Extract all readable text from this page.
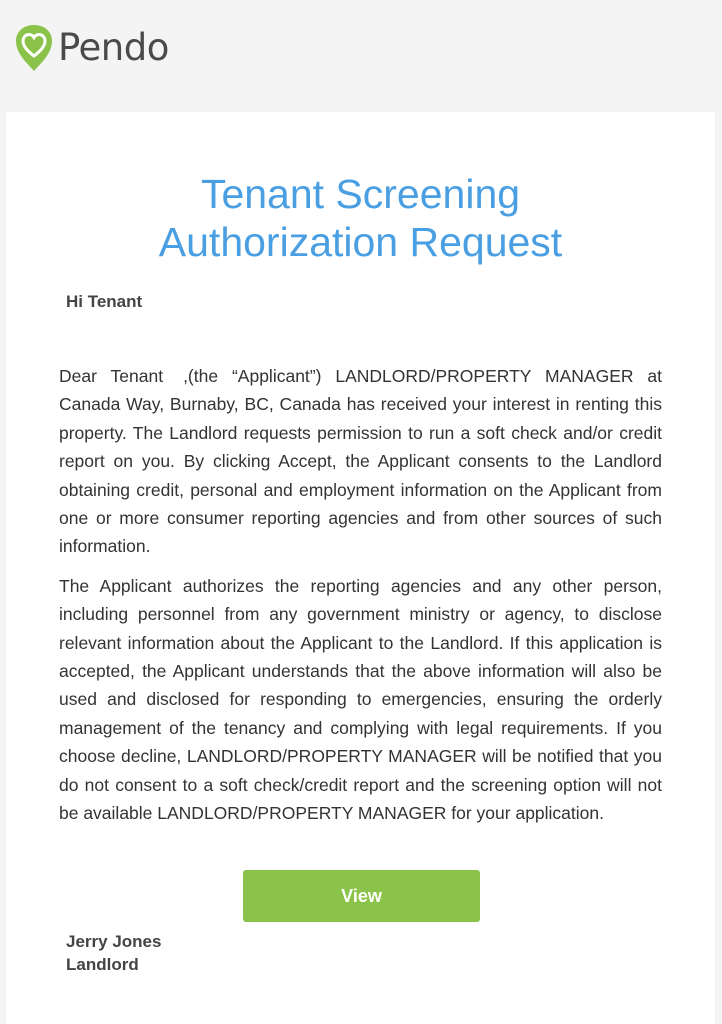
Pendo
Tenant Screening
Authorization Request
Hi Tenant

Dear Tenant ,(the “Applicant”) LANDLORD/PROPERTY MANAGER at Canada Way, Burnaby, BC, Canada has received your interest in renting this property. The Landlord requests permission to run a soft check and/or credit report on you. By clicking Accept, the Applicant consents to the Landlord obtaining credit, personal and employment information on the Applicant from one or more consumer reporting agencies and from other sources of such information.

The Applicant authorizes the reporting agencies and any other person, including personnel from any government ministry or agency, to disclose relevant information about the Applicant to the Landlord. If this application is accepted, the Applicant understands that the above information will also be used and disclosed for responding to emergencies, ensuring the orderly management of the tenancy and complying with legal requirements. If you choose decline, LANDLORD/PROPERTY MANAGER will be notified that you do not consent to a soft check/credit report and the screening option will not be available LANDLORD/PROPERTY MANAGER for your application.

View
Jerry Jones
Landlord
